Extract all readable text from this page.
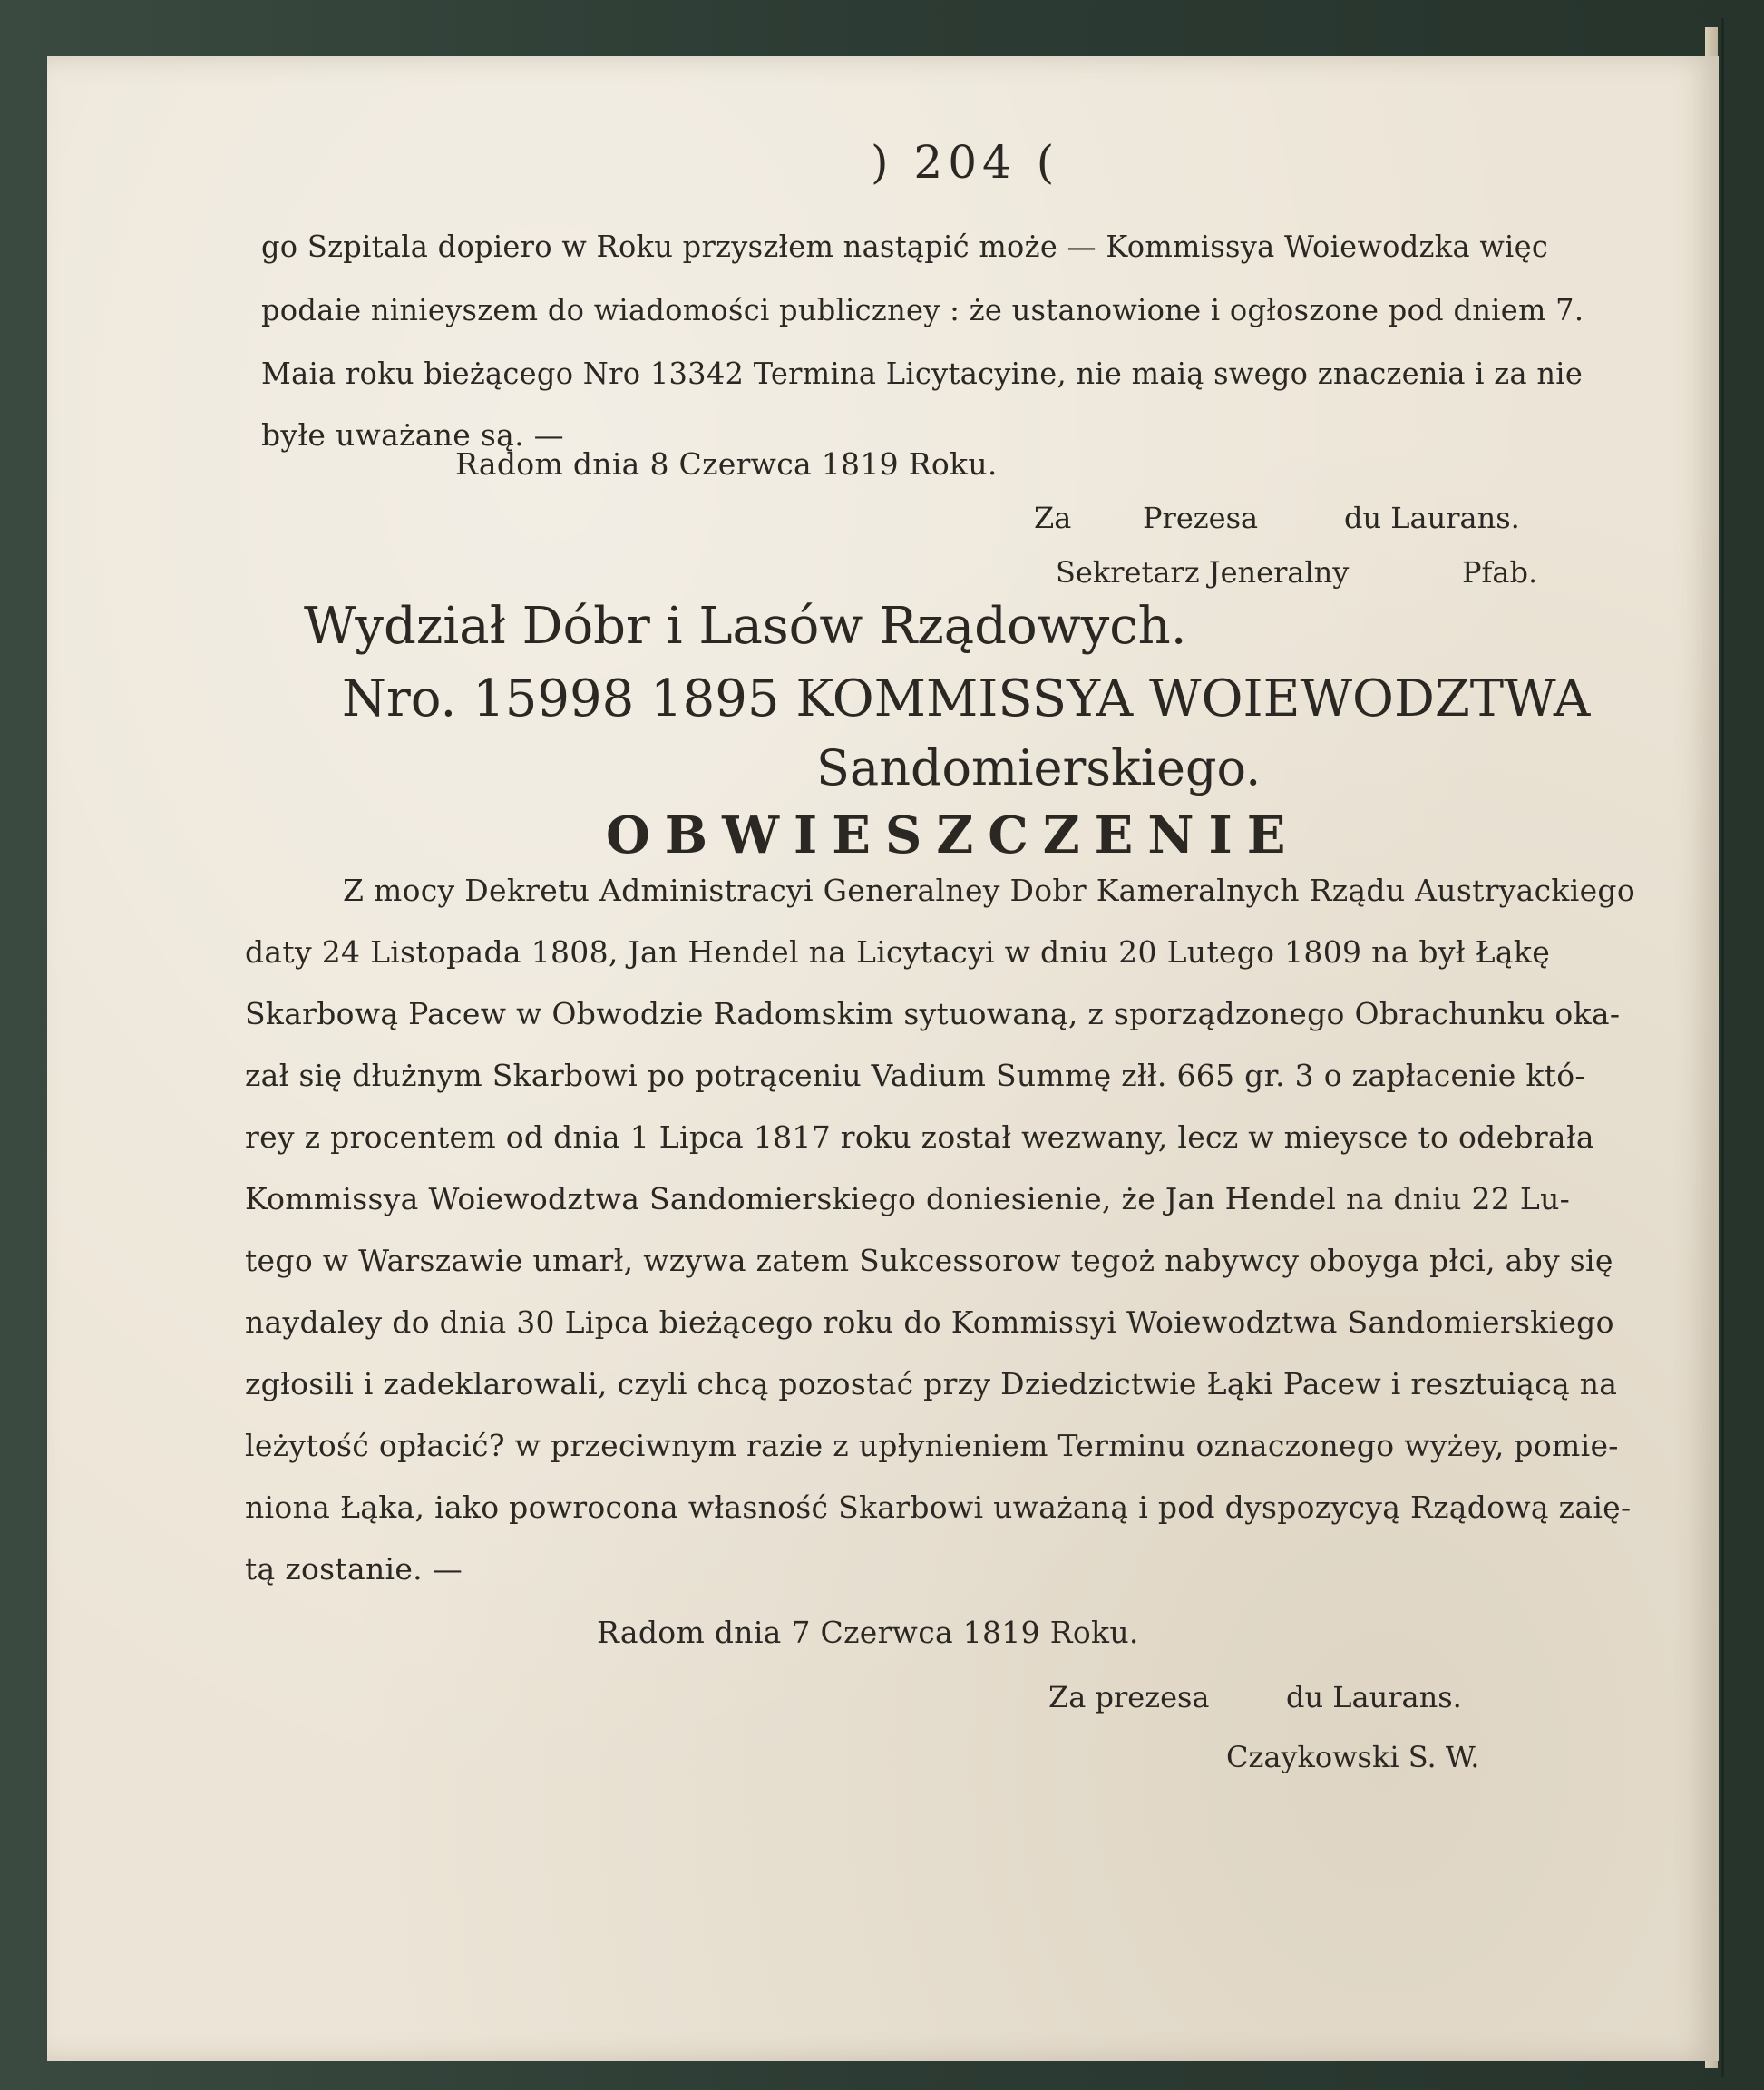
) 204 (
go Szpitala dopiero w Roku przyszłem nastąpić może — Kommissya Woiewodzka więc
podaie ninieyszem do wiadomości publiczney : że ustanowione i ogłoszone pod dniem 7.
Maia roku bieżącego Nro 13342 Termina Licytacyine, nie maią swego znaczenia i za nie
byłe uważane są. —
Radom dnia 8 Czerwca 1819 Roku.
Za Prezesa	du Laurans.
Sekretarz Jeneralny	Pfab.
Wydział Dóbr i Lasów Rządowych.
Nro. 15998 1895 KOMMISSYA WOIEWODZTWA
Sandomierskiego.
OBWIESZCZENIE
Z mocy Dekretu Administracyi Generalney Dobr Kameralnych Rządu Austryackiego
daty 24 Listopada 1808, Jan Hendel na Licytacyi w dniu 20 Lutego 1809 na był Łąkę
Skarbową Pacew w Obwodzie Radomskim sytuowaną, z sporządzonego Obrachunku oka-
zał się dłużnym Skarbowi po potrąceniu Vadium Summę złł. 665 gr. 3 o zapłacenie któ-
rey z procentem od dnia 1 Lipca 1817 roku został wezwany, lecz w mieysce to odebrała
Kommissya Woiewodztwa Sandomierskiego doniesienie, że Jan Hendel na dniu 22 Lu-
tego w Warszawie umarł, wzywa zatem Sukcessorow tegoż nabywcy oboyga płci, aby się
naydaley do dnia 30 Lipca bieżącego roku do Kommissyi Woiewodztwa Sandomierskiego
zgłosili i zadeklarowali, czyli chcą pozostać przy Dziedzictwie Łąki Pacew i resztuiącą na
leżytość opłacić? w przeciwnym razie z upłynieniem Terminu oznaczonego wyżey, pomie-
niona Łąka, iako powrocona własność Skarbowi uważaną i pod dyspozycyą Rządową zaię-
tą zostanie. —
Radom dnia 7 Czerwca 1819 Roku.
Za prezesa	du Laurans.
Czaykowski S. W.
